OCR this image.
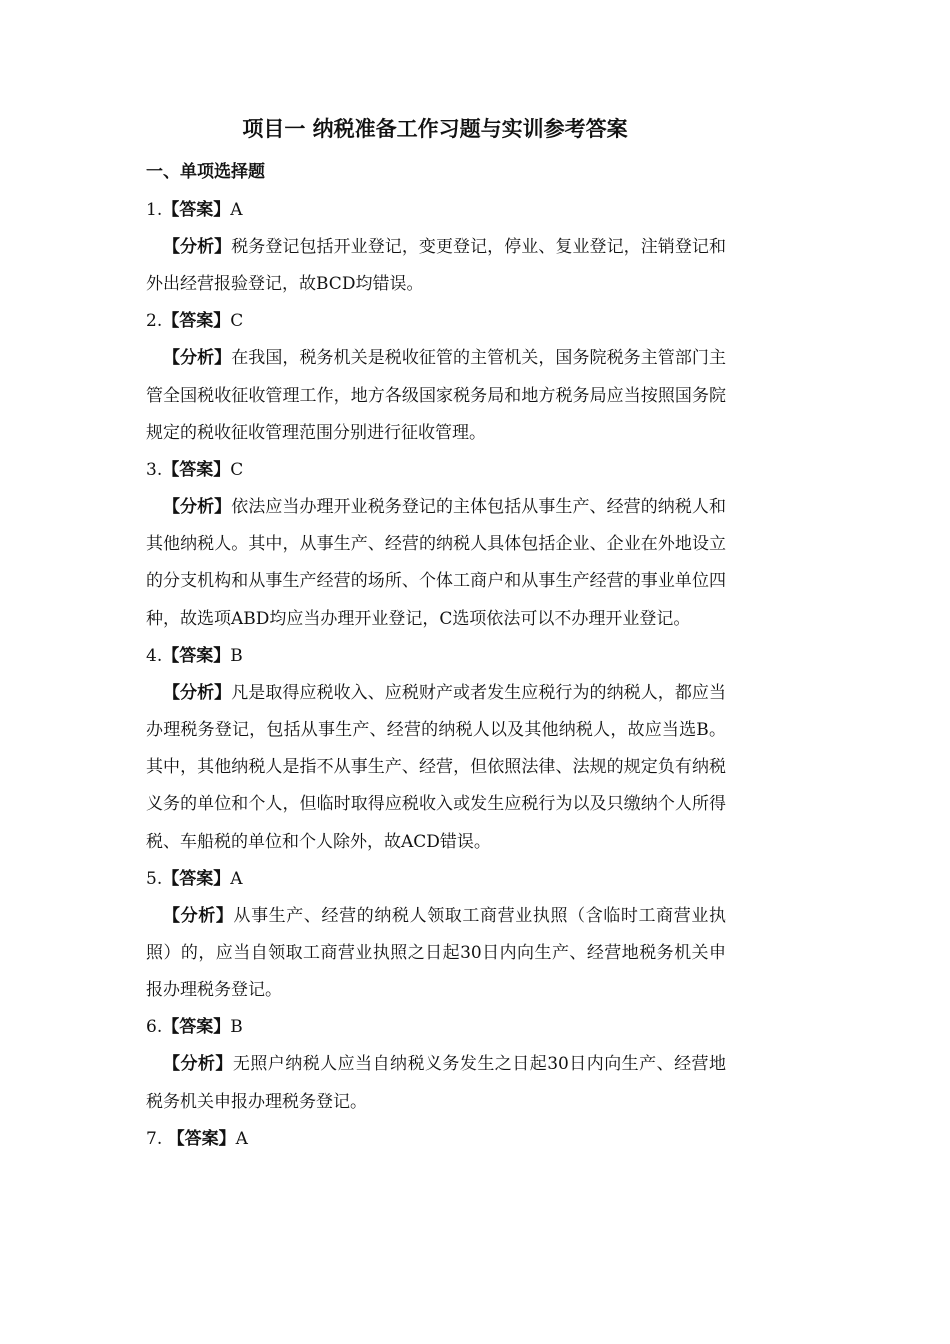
项目一 纳税准备工作习题与实训参考答案
一、单项选择题
1.【答案】A
【分析】税务登记包括开业登记，变更登记，停业、复业登记，注销登记和外出经营报验登记，故BCD均错误。
2.【答案】C
【分析】在我国，税务机关是税收征管的主管机关，国务院税务主管部门主管全国税收征收管理工作，地方各级国家税务局和地方税务局应当按照国务院规定的税收征收管理范围分别进行征收管理。
3.【答案】C
【分析】依法应当办理开业税务登记的主体包括从事生产、经营的纳税人和其他纳税人。其中，从事生产、经营的纳税人具体包括企业、企业在外地设立的分支机构和从事生产经营的场所、个体工商户和从事生产经营的事业单位四种，故选项ABD均应当办理开业登记，C选项依法可以不办理开业登记。
4.【答案】B
【分析】凡是取得应税收入、应税财产或者发生应税行为的纳税人，都应当办理税务登记，包括从事生产、经营的纳税人以及其他纳税人，故应当选B。其中，其他纳税人是指不从事生产、经营，但依照法律、法规的规定负有纳税义务的单位和个人，但临时取得应税收入或发生应税行为以及只缴纳个人所得税、车船税的单位和个人除外，故ACD错误。
5.【答案】A
【分析】从事生产、经营的纳税人领取工商营业执照（含临时工商营业执照）的，应当自领取工商营业执照之日起30日内向生产、经营地税务机关申报办理税务登记。
6.【答案】B
【分析】无照户纳税人应当自纳税义务发生之日起30日内向生产、经营地税务机关申报办理税务登记。
7. 【答案】A
